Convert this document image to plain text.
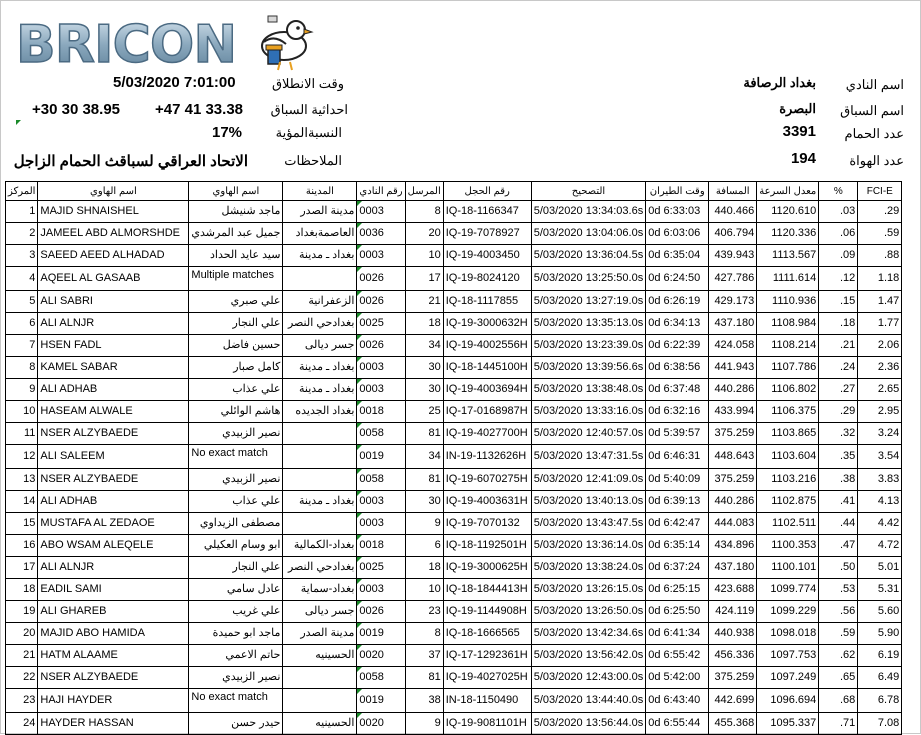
BRICON
5/03/2020 7:01:00	وقت الانطلاق
+30 30 38.95 +47 41 33.38 احداثية السباق
17%	النسبةالمؤية
الاتحاد العراقي لسباقث الحمام الزاجل	الملاحظات
اسم النادي
بغداد الرصافة
اسم السباق
البصرة
عدد الحمام
3391
عدد الهواة
194
المركز	اسم الهاوي	اسم الهاوي	المدينة	رقم النادي	المرسل	رقم الحجل	التصحيح	وقت الطيران	المسافة	معدل السرعة	%	FCI-E
1	MAJID SHNAISHEL	ماجد شنيشل	مدينة الصدر	0003	8	IQ-18-1166347	5/03/2020 13:34:03.6s	0d 6:33:03	440.466	1120.610	.03	.29
2	JAMEEL ABD ALMORSHDE	جميل عبد المرشدي	العاصمةبغداد	0036	20	IQ-19-7078927	5/03/2020 13:04:06.0s	0d 6:03:06	406.794	1120.336	.06	.59
3	SAEED AEED ALHADAD	سيد عايد الحداد	بغداد ـ مدينة	0003	10	IQ-19-4003450	5/03/2020 13:36:04.5s	0d 6:35:04	439.943	1113.567	.09	.88
4	AQEEL AL GASAAB	Multiple matches		0026	17	IQ-19-8024120	5/03/2020 13:25:50.0s	0d 6:24:50	427.786	1111.614	.12	1.18
5	ALI SABRI	علي صبري	الزعفرانية	0026	21	IQ-18-1117855	5/03/2020 13:27:19.0s	0d 6:26:19	429.173	1110.936	.15	1.47
6	ALI ALNJR	علي النجار	بغدادحي النصر	0025	18	IQ-19-3000632H	5/03/2020 13:35:13.0s	0d 6:34:13	437.180	1108.984	.18	1.77
7	HSEN FADL	حسين فاضل	جسر ديالى	0026	34	IQ-19-4002556H	5/03/2020 13:23:39.0s	0d 6:22:39	424.058	1108.214	.21	2.06
8	KAMEL SABAR	كامل صبار	بغداد ـ مدينة	0003	30	IQ-18-1445100H	5/03/2020 13:39:56.6s	0d 6:38:56	441.943	1107.786	.24	2.36
9	ALI ADHAB	علي عذاب	بغداد ـ مدينة	0003	30	IQ-19-4003694H	5/03/2020 13:38:48.0s	0d 6:37:48	440.286	1106.802	.27	2.65
10	HASEAM ALWALE	هاشم الوائلي	بغداد الجديده	0018	25	IQ-17-0168987H	5/03/2020 13:33:16.0s	0d 6:32:16	433.994	1106.375	.29	2.95
11	NSER ALZYBAEDE	نصير الزبيدي		0058	81	IQ-19-4027700H	5/03/2020 12:40:57.0s	0d 5:39:57	375.259	1103.865	.32	3.24
12	ALI SALEEM	No exact match		0019	34	IN-19-1132626H	5/03/2020 13:47:31.5s	0d 6:46:31	448.643	1103.604	.35	3.54
13	NSER ALZYBAEDE	نصير الزبيدي		0058	81	IQ-19-6070275H	5/03/2020 12:41:09.0s	0d 5:40:09	375.259	1103.216	.38	3.83
14	ALI ADHAB	علي عذاب	بغداد ـ مدينة	0003	30	IQ-19-4003631H	5/03/2020 13:40:13.0s	0d 6:39:13	440.286	1102.875	.41	4.13
15	MUSTAFA AL ZEDAOE	مصطفى الزيداوي		0003	9	IQ-19-7070132	5/03/2020 13:43:47.5s	0d 6:42:47	444.083	1102.511	.44	4.42
16	ABO WSAM ALEQELE	ابو وسام العكيلي	بغداد-الكمالية	0018	6	IQ-18-1192501H	5/03/2020 13:36:14.0s	0d 6:35:14	434.896	1100.353	.47	4.72
17	ALI ALNJR	علي النجار	بغدادحي النصر	0025	18	IQ-19-3000625H	5/03/2020 13:38:24.0s	0d 6:37:24	437.180	1100.101	.50	5.01
18	EADIL SAMI	عادل سامي	بغداد-سماية	0003	10	IQ-18-1844413H	5/03/2020 13:26:15.0s	0d 6:25:15	423.688	1099.774	.53	5.31
19	ALI GHAREB	علي غريب	جسر ديالى	0026	23	IQ-19-1144908H	5/03/2020 13:26:50.0s	0d 6:25:50	424.119	1099.229	.56	5.60
20	MAJID ABO HAMIDA	ماجد ابو حميدة	مدينة الصدر	0019	8	IQ-18-1666565	5/03/2020 13:42:34.6s	0d 6:41:34	440.938	1098.018	.59	5.90
21	HATM ALAAME	حاتم الاعمي	الحسينيه	0020	37	IQ-17-1292361H	5/03/2020 13:56:42.0s	0d 6:55:42	456.336	1097.753	.62	6.19
22	NSER ALZYBAEDE	نصير الزبيدي		0058	81	IQ-19-4027025H	5/03/2020 12:43:00.0s	0d 5:42:00	375.259	1097.249	.65	6.49
23	HAJI HAYDER	No exact match		0019	38	IN-18-1150490	5/03/2020 13:44:40.0s	0d 6:43:40	442.699	1096.694	.68	6.78
24	HAYDER HASSAN	حيدر حسن	الحسينيه	0020	9	IQ-19-9081101H	5/03/2020 13:56:44.0s	0d 6:55:44	455.368	1095.337	.71	7.08
